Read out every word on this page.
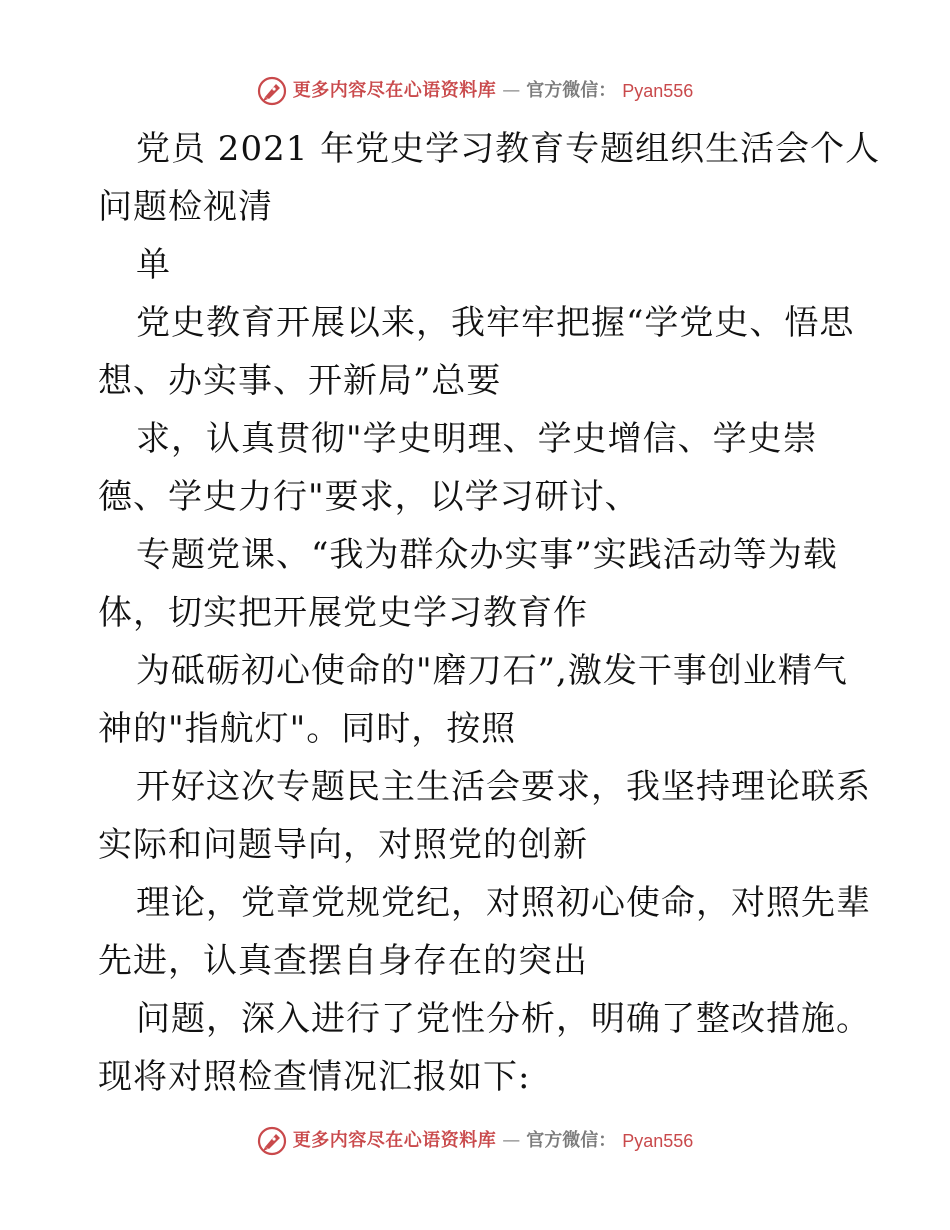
更多内容尽在心语资料库 — 官方微信： Pyan556
党员 2021 年党史学习教育专题组织生活会个人
问题检视清
单
党史教育开展以来，我牢牢把握“学党史、悟思
想、办实事、开新局”总要
求，认真贯彻"学史明理、学史增信、学史崇
德、学史力行"要求，以学习研讨、
专题党课、“我为群众办实事”实践活动等为载
体，切实把开展党史学习教育作
为砥砺初心使命的"磨刀石”,激发干事创业精气
神的"指航灯"。同时，按照
开好这次专题民主生活会要求，我坚持理论联系
实际和问题导向，对照党的创新
理论，党章党规党纪，对照初心使命，对照先辈
先进，认真查摆自身存在的突出
问题，深入进行了党性分析，明确了整改措施。
现将对照检查情况汇报如下:
更多内容尽在心语资料库 — 官方微信： Pyan556
